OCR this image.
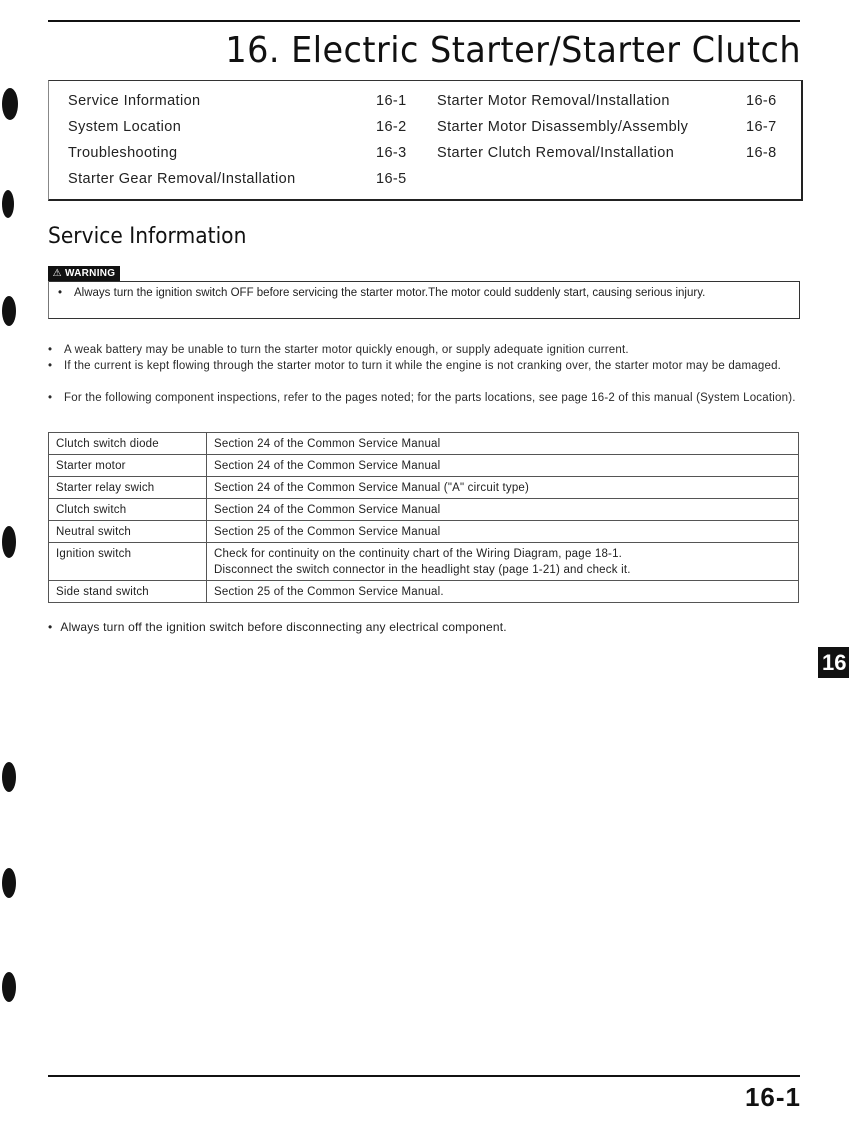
16. Electric Starter/Starter Clutch
Service Information	16-1
System Location	16-2
Troubleshooting	16-3
Starter Gear Removal/Installation	16-5
Starter Motor Removal/Installation	16-6
Starter Motor Disassembly/Assembly	16-7
Starter Clutch Removal/Installation	16-8
Service Information
⚠ WARNING
•	Always turn the ignition switch OFF before servicing the starter motor.The motor could suddenly start, causing serious injury.
• A weak battery may be unable to turn the starter motor quickly enough, or supply adequate ignition current.
• If the current is kept flowing through the starter motor to turn it while the engine is not cranking over, the starter motor may be damaged.
• For the following component inspections, refer to the pages noted; for the parts locations, see page 16-2 of this manual (System Location).
Clutch switch diode	Section 24 of the Common Service Manual
Starter motor	Section 24 of the Common Service Manual
Starter relay swich	Section 24 of the Common Service Manual ("A" circuit type)
Clutch switch	Section 24 of the Common Service Manual
Neutral switch	Section 25 of the Common Service Manual
Ignition switch	Check for continuity on the continuity chart of the Wiring Diagram, page 18-1.
Disconnect the switch connector in the headlight stay (page 1-21) and check it.

Side stand switch	Section 25 of the Common Service Manual.
• Always turn off the ignition switch before disconnecting any electrical component.
16
16-1
